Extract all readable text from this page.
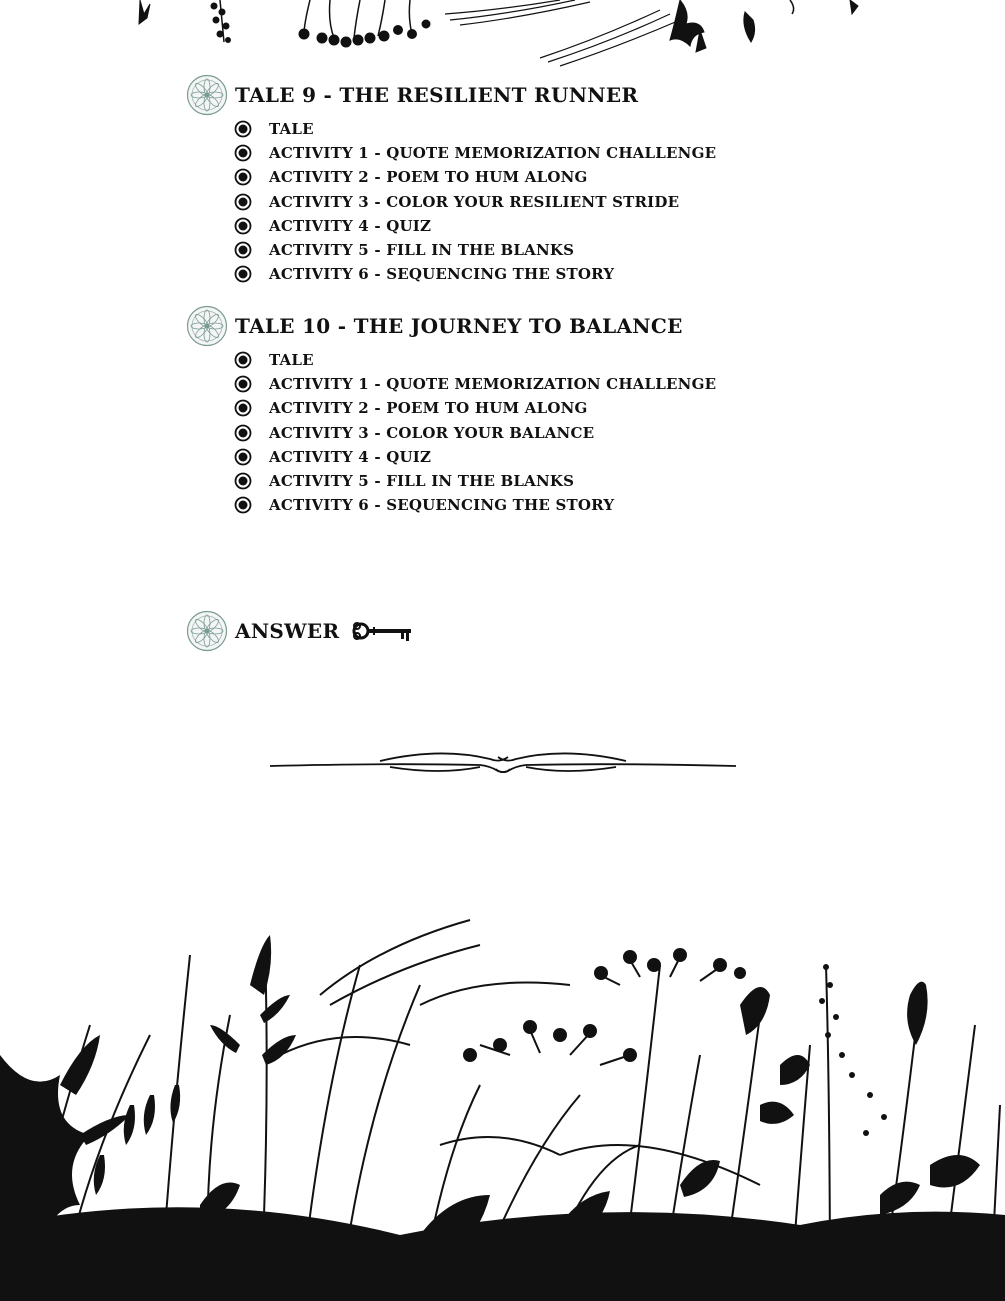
TALE 9 - THE RESILIENT RUNNER
TALE
ACTIVITY 1 - QUOTE MEMORIZATION CHALLENGE
ACTIVITY 2 - POEM TO HUM ALONG
ACTIVITY 3 - COLOR YOUR RESILIENT STRIDE
ACTIVITY 4 - QUIZ
ACTIVITY 5 - FILL IN THE BLANKS
ACTIVITY 6 - SEQUENCING THE STORY
TALE 10 - THE JOURNEY TO BALANCE
TALE
ACTIVITY 1 - QUOTE MEMORIZATION CHALLENGE
ACTIVITY 2 - POEM TO HUM ALONG
ACTIVITY 3 - COLOR YOUR BALANCE
ACTIVITY 4 - QUIZ
ACTIVITY 5 - FILL IN THE BLANKS
ACTIVITY 6 - SEQUENCING THE STORY
ANSWER
